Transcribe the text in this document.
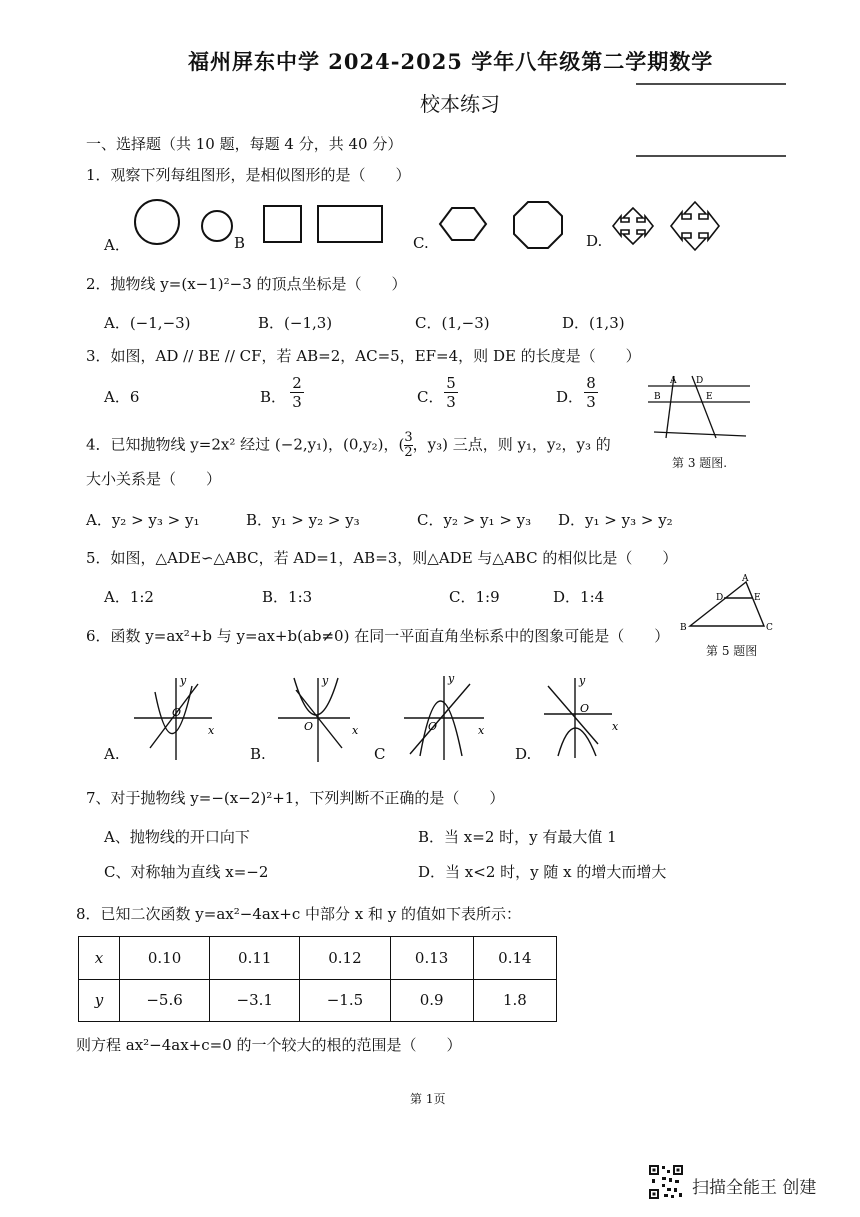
福州屏东中学 2024-2025 学年八年级第二学期数学
校本练习
一、选择题（共 10 题，每题 4 分，共 40 分）
1．观察下列每组图形，是相似图形的是（　　）
A．	B	C.	D.
2．抛物线 y=(x−1)²−3 的顶点坐标是（　　）
A．(−1,−3)	B．(−1,3)	C．(1,−3)	D．(1,3)
3．如图，AD // BE // CF，若 AB=2，AC=5，EF=4，则 DE 的长度是（　　）
A．6	B．	C．	D．
$\frac{2}{3}$	$\frac{5}{3}$	$\frac{8}{3}$	A D
B	E
第 3 题图.
4．已知抛物线 y=2x² 经过 (−2,y₁)，(0,y₂)，( $\frac{3}{2}$ ，y₃) 三点，则 y₁，y₂，y₃ 的
大小关系是（　　）
A．y₂ > y₃ > y₁	B．y₁ > y₂ > y₃	C．y₂ > y₁ > y₃ D．y₁ > y₃ > y₂
5．如图，△ADE∽△ABC，若 AD=1，AB=3，则△ADE 与△ABC 的相似比是（　　）
A．1:2	B．1:3	C．1:9	D．1:4
A
B	C
D	E
第 5 题图
6．函数 y=ax²+b 与 y=ax+b(ab≠0) 在同一平面直角坐标系中的图象可能是（　　）
y
x
O
y
x
O
y
x
O
y
x
O
A.	B.	C	D.
7、对于抛物线 y=−(x−2)²+1，下列判断不正确的是（　　）
A、抛物线的开口向下	B．当 x=2 时，y 有最大值 1
C、对称轴为直线 x=−2	D．当 x<2 时，y 随 x 的增大而增大
8．已知二次函数 y=ax²−4ax+c 中部分 x 和 y 的值如下表所示：
x	0.10	0.11	0.12	0.13	0.14
y	−5.6	−3.1	−1.5	0.9	1.8
则方程 ax²−4ax+c=0 的一个较大的根的范围是（　　）
第 1页
扫描全能王 创建
